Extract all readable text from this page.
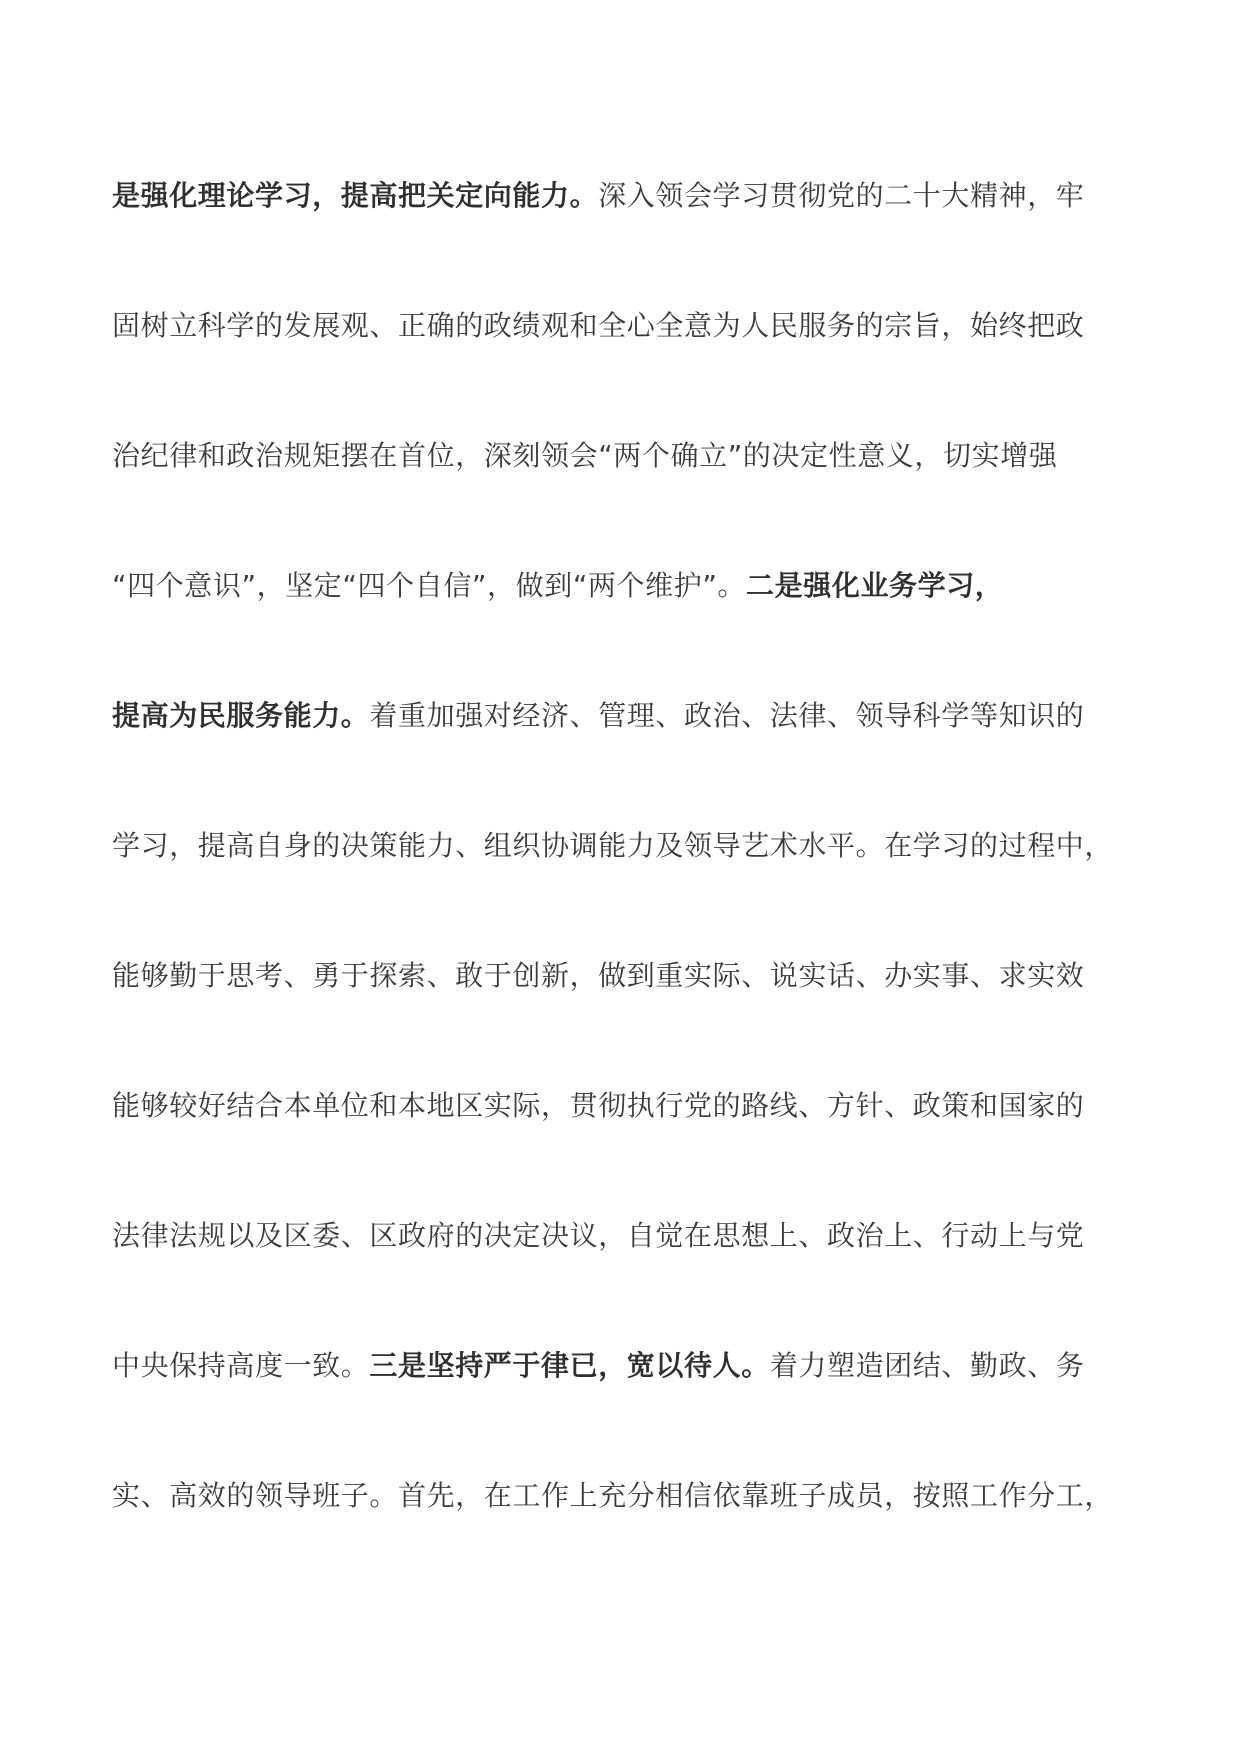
是强化理论学习，提高把关定向能力。深入领会学习贯彻党的二十大精神，牢
固树立科学的发展观、正确的政绩观和全心全意为人民服务的宗旨，始终把政
治纪律和政治规矩摆在首位，深刻领会“两个确立”的决定性意义，切实增强
“四个意识”，坚定“四个自信”，做到“两个维护”。二是强化业务学习，
提高为民服务能力。着重加强对经济、管理、政治、法律、领导科学等知识的
学习，提高自身的决策能力、组织协调能力及领导艺术水平。在学习的过程中，
能够勤于思考、勇于探索、敢于创新，做到重实际、说实话、办实事、求实效
能够较好结合本单位和本地区实际，贯彻执行党的路线、方针、政策和国家的
法律法规以及区委、区政府的决定决议，自觉在思想上、政治上、行动上与党
中央保持高度一致。三是坚持严于律已，宽以待人。着力塑造团结、勤政、务
实、高效的领导班子。首先，在工作上充分相信依靠班子成员，按照工作分工，
